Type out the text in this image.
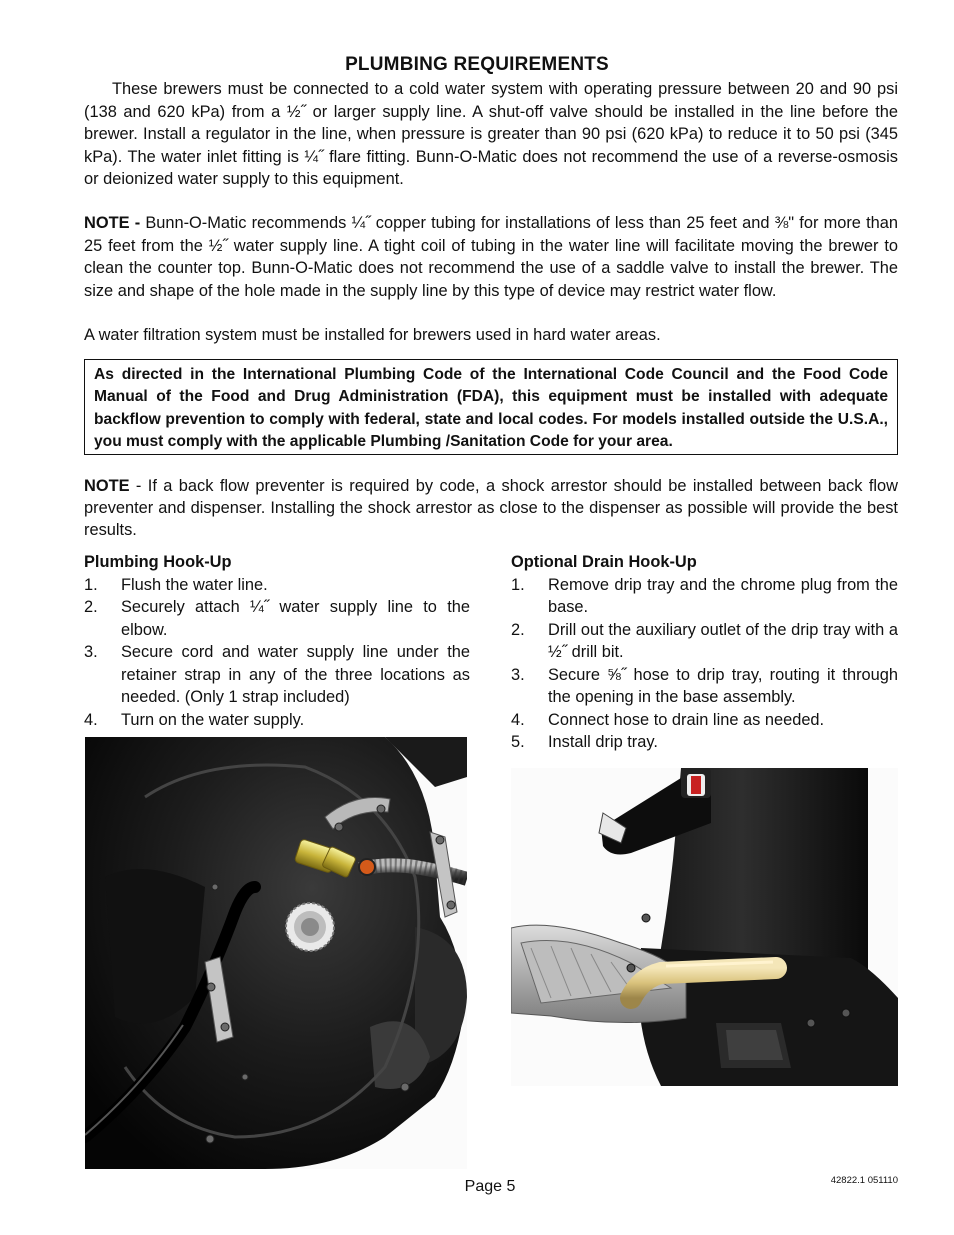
PLUMBING REQUIREMENTS
These brewers must be connected to a cold water system with operating pressure between 20 and 90 psi (138 and 620 kPa) from a ½˝ or larger supply line. A shut-off valve should be installed in the line before the brewer. Install a regulator in the line, when pressure is greater than 90 psi (620 kPa) to reduce it to 50 psi (345 kPa). The water inlet fitting is ¼˝ flare fitting. Bunn-O-Matic does not recommend the use of a reverse-osmosis or deionized water supply to this equipment.
NOTE - Bunn-O-Matic recommends ¼˝ copper tubing for installations of less than 25 feet and ⅜" for more than 25 feet from the ½˝ water supply line. A tight coil of tubing in the water line will facilitate moving the brewer to clean the counter top. Bunn-O-Matic does not recommend the use of a saddle valve to install the brewer. The size and shape of the hole made in the supply line by this type of device may restrict water flow.
A water filtration system must be installed for brewers used in hard water areas.
As directed in the International Plumbing Code of the International Code Council and the Food Code Manual of the Food and Drug Administration (FDA), this equipment must be installed with adequate backflow prevention to comply with federal, state and local codes. For models installed outside the U.S.A., you must comply with the applicable Plumbing /Sanitation Code for your area.
NOTE - If a back flow preventer is required by code, a shock arrestor should be installed between back flow preventer and dispenser. Installing the shock arrestor as close to the dispenser as possible will provide the best results.
Plumbing Hook-Up
1. Flush the water line.
2. Securely attach ¼˝ water supply line to the elbow.
3. Secure cord and water supply line under the retainer strap in any of the three locations as needed. (Only 1 strap included)
4. Turn on the water supply.
Optional Drain Hook-Up
1. Remove drip tray and the chrome plug from the base.
2. Drill out the auxiliary outlet of the drip tray with a ½˝ drill bit.
3. Secure ⅝˝ hose to drip tray, routing it through the opening in the base assembly.
4. Connect hose to drain line as needed.
5. Install drip tray.
Page 5	42822.1 051110
